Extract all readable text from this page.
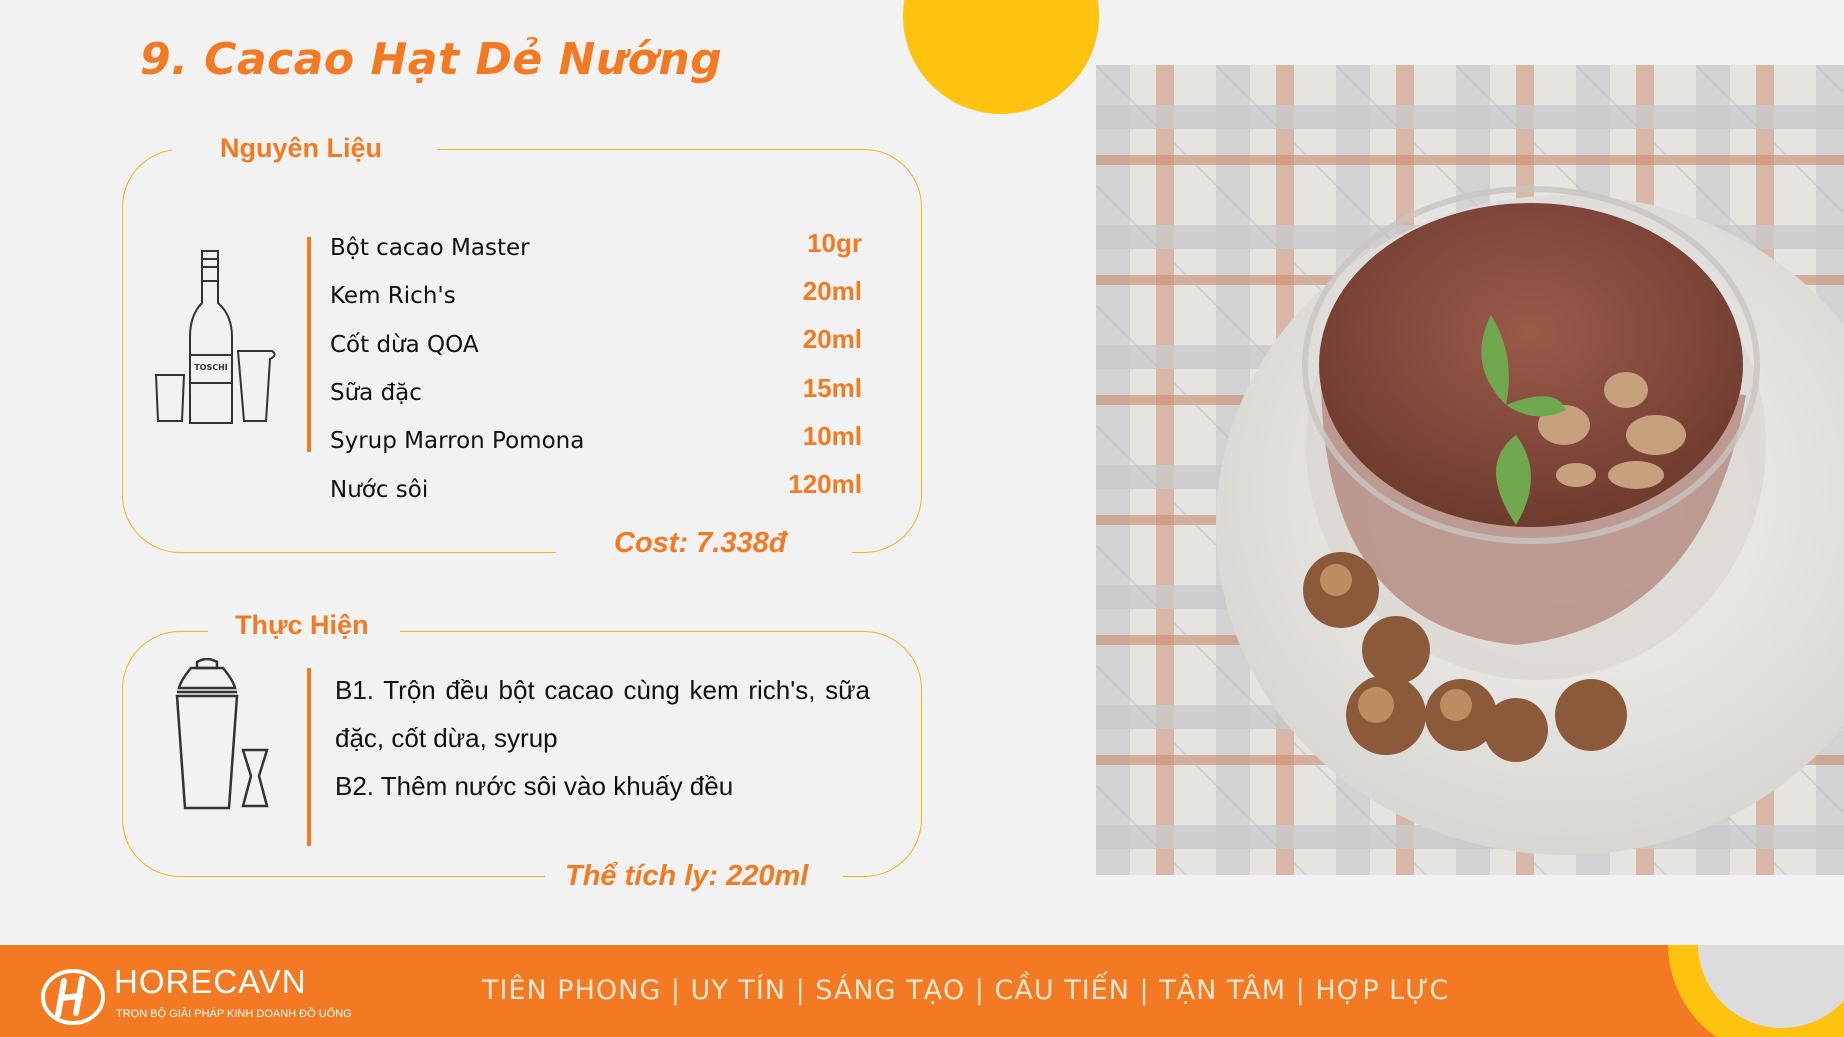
9. Cacao Hạt Dẻ Nướng
Nguyên Liệu
Cost: 7.338đ
TOSCHI
Bột cacao Master	10gr
Kem Rich's	20ml
Cốt dừa QOA	20ml
Sữa đặc	15ml
Syrup Marron Pomona	10ml
Nước sôi	120ml
Thực Hiện
Thể tích ly: 220ml
B1. Trộn đều bột cacao cùng kem rich's, sữa đặc, cốt dừa, syrup
B2. Thêm nước sôi vào khuấy đều
HORECAVN
TRỌN BỘ GIẢI PHÁP KINH DOANH ĐỒ UỐNG
TIÊN PHONG | UY TÍN | SÁNG TẠO | CẦU TIẾN | TẬN TÂM | HỢP LỰC
